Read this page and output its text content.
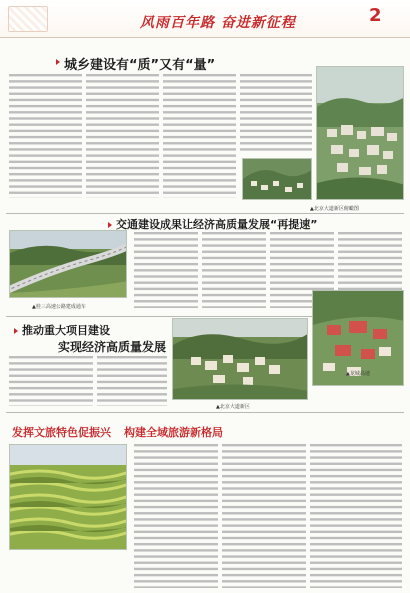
风雨百年路 奋进新征程	2
城乡建设有“质”又有“量”
▲北京大道新区俯瞰图
交通建设成果让经济高质量发展“再提速”
▲桂三高速公路建成通车
推动重大项目建设
实现经济高质量发展
▲北京大道新区
▲龙城高速
发挥文旅特色促振兴 构建全域旅游新格局
